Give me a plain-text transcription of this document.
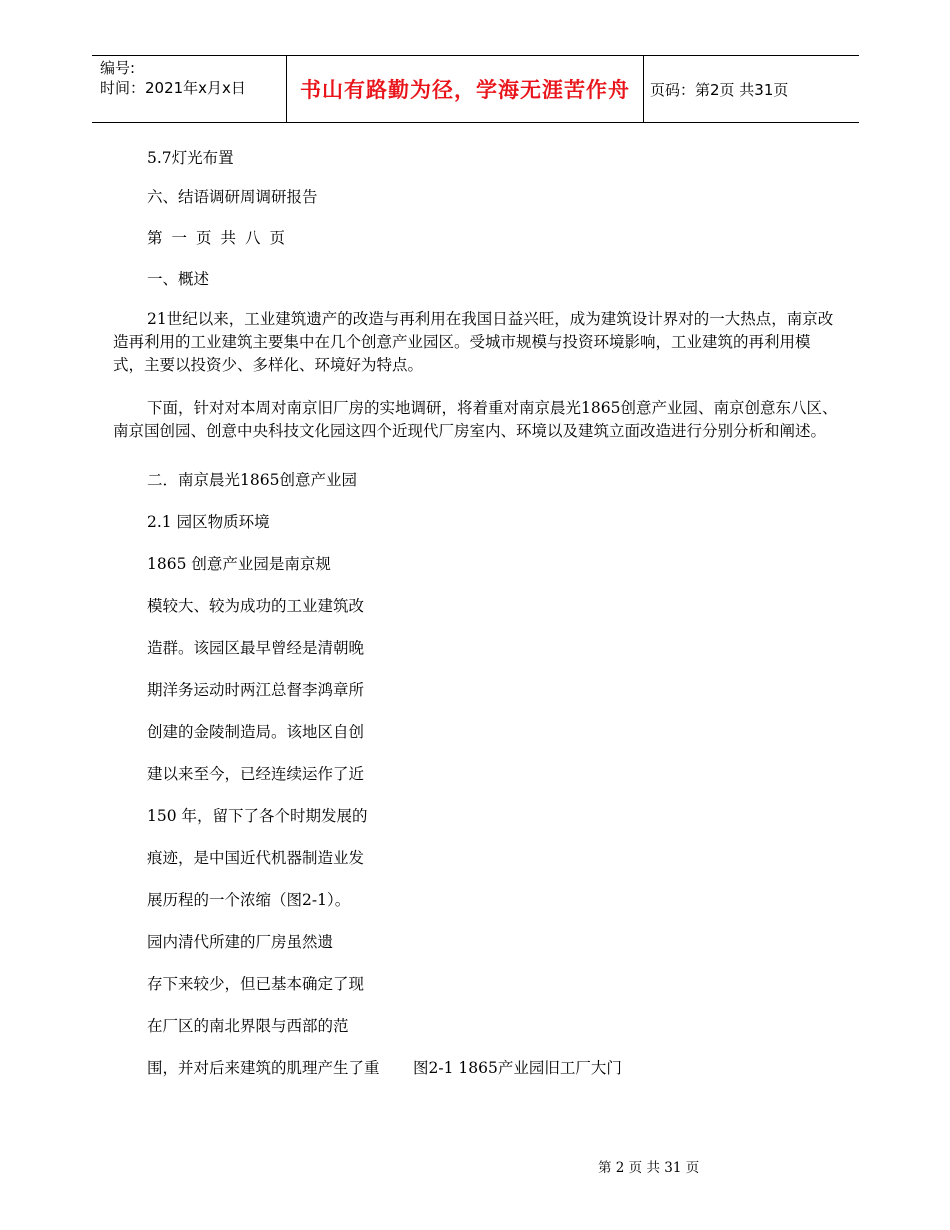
编号:
时间：2021年x月x日	书山有路勤为径，学海无涯苦作舟	页码：第2页 共31页
5.7灯光布置
六、结语调研周调研报告
第一页共八页
一、概述
21世纪以来，工业建筑遗产的改造与再利用在我国日益兴旺，成为建筑设计界对的一大热点，南京改造再利用的工业建筑主要集中在几个创意产业园区。受城市规模与投资环境影响，工业建筑的再利用模式，主要以投资少、多样化、环境好为特点。
下面，针对对本周对南京旧厂房的实地调研，将着重对南京晨光1865创意产业园、南京创意东八区、南京国创园、创意中央科技文化园这四个近现代厂房室内、环境以及建筑立面改造进行分别分析和阐述。
二．南京晨光1865创意产业园
2.1 园区物质环境
1865 创意产业园是南京规
模较大、较为成功的工业建筑改
造群。该园区最早曾经是清朝晚
期洋务运动时两江总督李鸿章所
创建的金陵制造局。该地区自创
建以来至今，已经连续运作了近
150 年，留下了各个时期发展的
痕迹，是中国近代机器制造业发
展历程的一个浓缩（图2-1）。
园内清代所建的厂房虽然遗
存下来较少，但已基本确定了现
在厂区的南北界限与西部的范
围，并对后来建筑的肌理产生了重 图2-1 1865产业园旧工厂大门
第 2 页 共 31 页
